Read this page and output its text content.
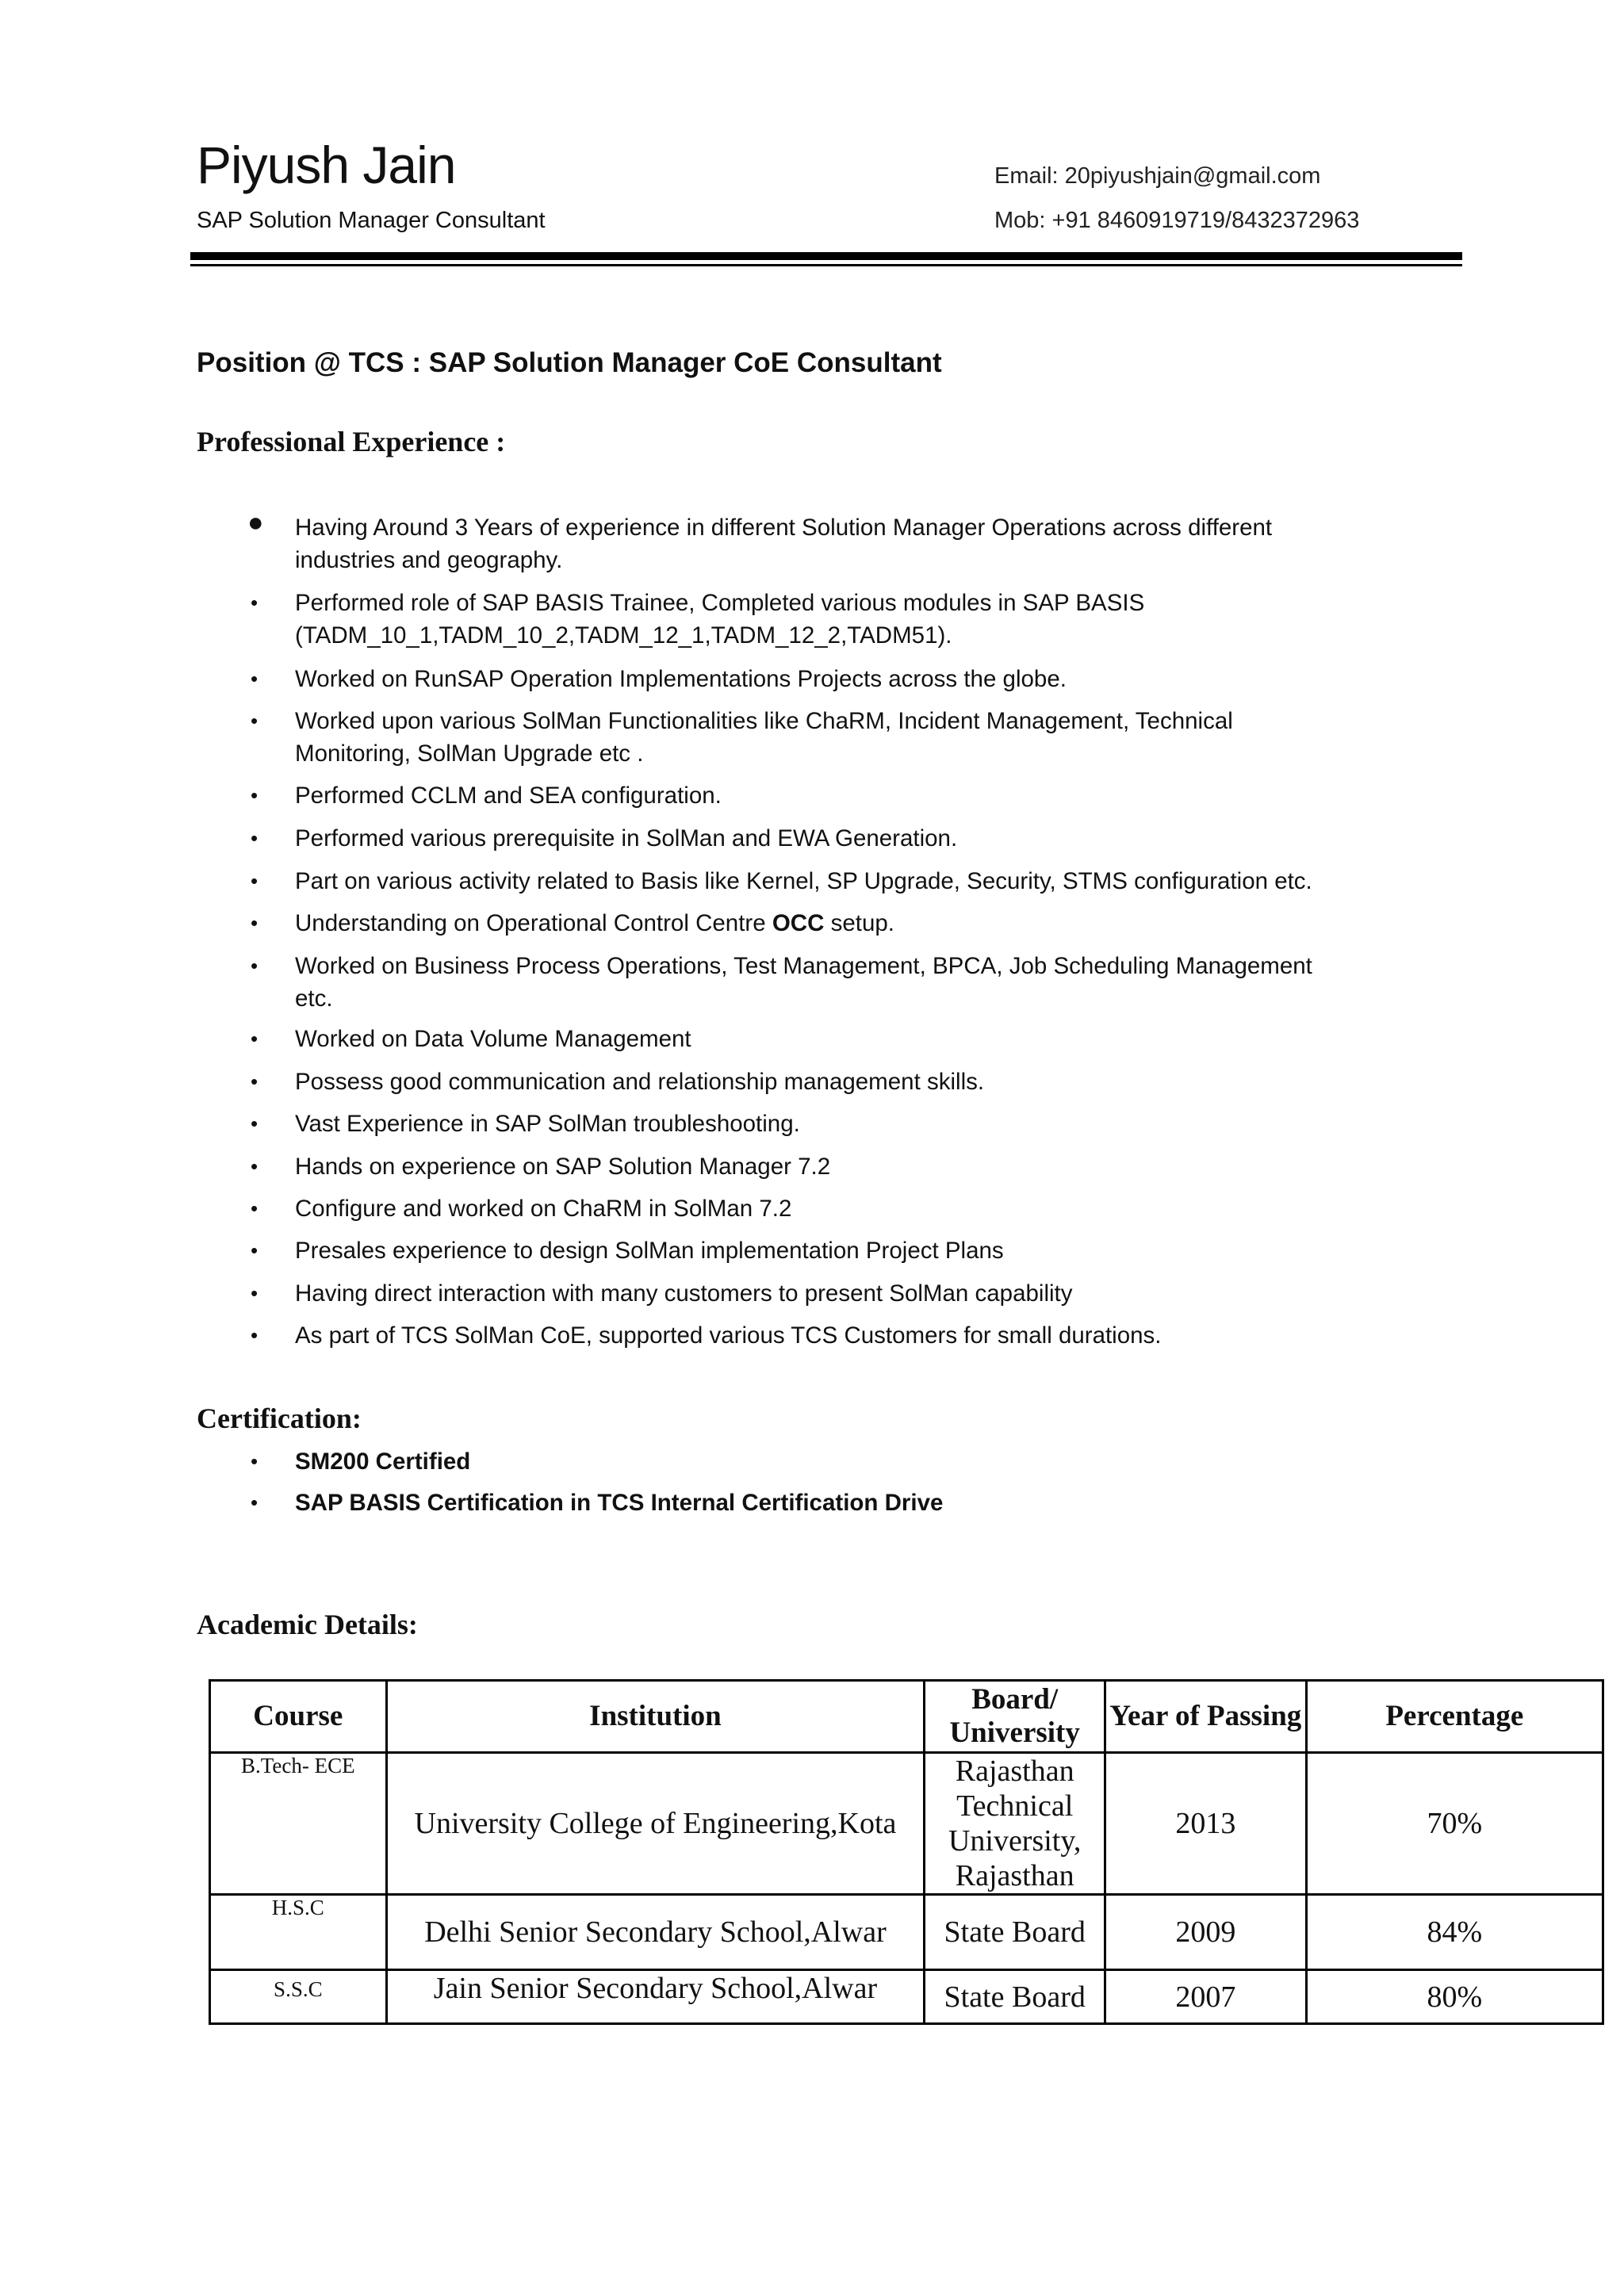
Piyush Jain
SAP Solution Manager Consultant
Email: 20piyushjain@gmail.com
Mob: +91 8460919719/8432372963
Position @ TCS : SAP Solution Manager CoE Consultant
Professional Experience :
● Having Around 3 Years of experience in different Solution Manager Operations across different
industries and geography.
• Performed role of SAP BASIS Trainee, Completed various modules in SAP BASIS
(TADM_10_1,TADM_10_2,TADM_12_1,TADM_12_2,TADM51).
• Worked on RunSAP Operation Implementations Projects across the globe.
• Worked upon various SolMan Functionalities like ChaRM, Incident Management, Technical
Monitoring, SolMan Upgrade etc .
• Performed CCLM and SEA configuration.
• Performed various prerequisite in SolMan and EWA Generation.
• Part on various activity related to Basis like Kernel, SP Upgrade, Security, STMS configuration etc.
• Understanding on Operational Control Centre OCC setup.
• Worked on Business Process Operations, Test Management, BPCA, Job Scheduling Management
etc.
• Worked on Data Volume Management
• Possess good communication and relationship management skills.
• Vast Experience in SAP SolMan troubleshooting.
• Hands on experience on SAP Solution Manager 7.2
• Configure and worked on ChaRM in SolMan 7.2
• Presales experience to design SolMan implementation Project Plans
• Having direct interaction with many customers to present SolMan capability
• As part of TCS SolMan CoE, supported various TCS Customers for small durations.
Certification:
• SM200 Certified
• SAP BASIS Certification in TCS Internal Certification Drive
Academic Details:
Course	Institution	Board/ University	Year of Passing	Percentage
B.Tech- ECE	University College of Engineering,Kota	Rajasthan Technical University, Rajasthan	2013	70%
H.S.C	Delhi Senior Secondary School,Alwar	State Board	2009	84%
S.S.C	Jain Senior Secondary School,Alwar	State Board	2007	80%
